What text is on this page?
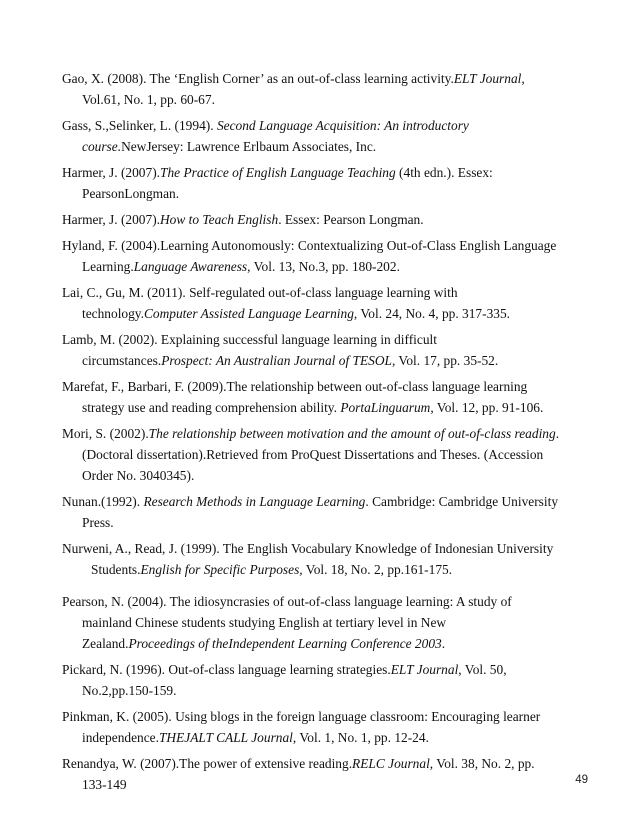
Gao, X. (2008). The ‘English Corner’ as an out-of-class learning activity.ELT Journal, Vol.61, No. 1, pp. 60-67.

Gass, S.,Selinker, L. (1994). Second Language Acquisition: An introductory course.NewJersey: Lawrence Erlbaum Associates, Inc.

Harmer, J. (2007).The Practice of English Language Teaching (4th edn.). Essex: PearsonLongman.

Harmer, J. (2007).How to Teach English. Essex: Pearson Longman.

Hyland, F. (2004).Learning Autonomously: Contextualizing Out-of-Class English Language Learning.Language Awareness, Vol. 13, No.3, pp. 180-202.

Lai, C., Gu, M. (2011). Self-regulated out-of-class language learning with technology.Computer Assisted Language Learning, Vol. 24, No. 4, pp. 317-335.

Lamb, M. (2002). Explaining successful language learning in difficult circumstances.Prospect: An Australian Journal of TESOL, Vol. 17, pp. 35-52.

Marefat, F., Barbari, F. (2009).The relationship between out-of-class language learning strategy use and reading comprehension ability. PortaLinguarum, Vol. 12, pp. 91-106.

Mori, S. (2002).The relationship between motivation and the amount of out-of-class reading.(Doctoral dissertation).Retrieved from ProQuest Dissertations and Theses. (Accession Order No. 3040345).

Nunan.(1992). Research Methods in Language Learning. Cambridge: Cambridge University Press.

Nurweni, A., Read, J. (1999). The English Vocabulary Knowledge of Indonesian University
Students.English for Specific Purposes, Vol. 18, No. 2, pp.161-175.

Pearson, N. (2004). The idiosyncrasies of out-of-class language learning: A study of mainland Chinese students studying English at tertiary level in New Zealand.Proceedings of theIndependent Learning Conference 2003.

Pickard, N. (1996). Out-of-class language learning strategies.ELT Journal, Vol. 50, No.2,pp.150-159.

Pinkman, K. (2005). Using blogs in the foreign language classroom: Encouraging learner independence.THEJALT CALL Journal, Vol. 1, No. 1, pp. 12-24.

Renandya, W. (2007).The power of extensive reading.RELC Journal, Vol. 38, No. 2, pp. 133-149	49
